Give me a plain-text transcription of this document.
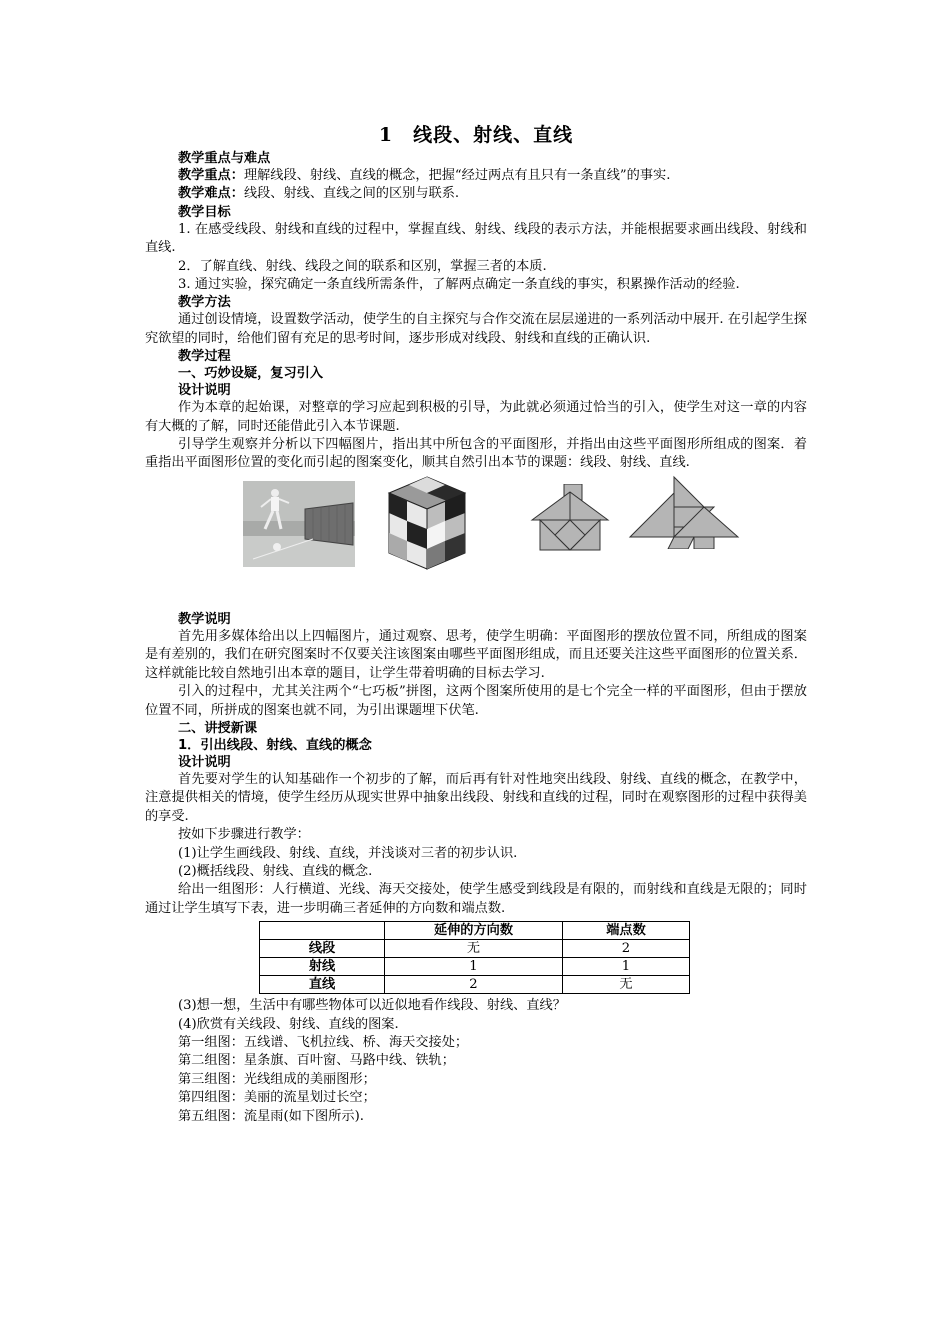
1　线段、射线、直线
教学重点与难点
教学重点：理解线段、射线、直线的概念，把握“经过两点有且只有一条直线”的事实.
教学难点：线段、射线、直线之间的区别与联系.
教学目标

1. 在感受线段、射线和直线的过程中，掌握直线、射线、线段的表示方法，并能根据要求画出线段、射线和直线.

2．了解直线、射线、线段之间的联系和区别，掌握三者的本质.

3. 通过实验，探究确定一条直线所需条件，了解两点确定一条直线的事实，积累操作活动的经验.

教学方法

通过创设情境，设置数学活动，使学生的自主探究与合作交流在层层递进的一系列活动中展开. 在引起学生探究欲望的同时，给他们留有充足的思考时间，逐步形成对线段、射线和直线的正确认识.

教学过程
一、巧妙设疑，复习引入
设计说明

作为本章的起始课，对整章的学习应起到积极的引导，为此就必须通过恰当的引入，使学生对这一章的内容有大概的了解，同时还能借此引入本节课题.

引导学生观察并分析以下四幅图片，指出其中所包含的平面图形，并指出由这些平面图形所组成的图案．着重指出平面图形位置的变化而引起的图案变化，顺其自然引出本节的课题：线段、射线、直线.

教学说明

首先用多媒体给出以上四幅图片，通过观察、思考，使学生明确：平面图形的摆放位置不同，所组成的图案是有差别的，我们在研究图案时不仅要关注该图案由哪些平面图形组成，而且还要关注这些平面图形的位置关系．这样就能比较自然地引出本章的题目，让学生带着明确的目标去学习.

引入的过程中，尤其关注两个“七巧板”拼图，这两个图案所使用的是七个完全一样的平面图形，但由于摆放位置不同，所拼成的图案也就不同，为引出课题埋下伏笔.

二、讲授新课
1．引出线段、射线、直线的概念
设计说明

首先要对学生的认知基础作一个初步的了解，而后再有针对性地突出线段、射线、直线的概念，在教学中，注意提供相关的情境，使学生经历从现实世界中抽象出线段、射线和直线的过程，同时在观察图形的过程中获得美的享受.

按如下步骤进行教学：

(1)让学生画线段、射线、直线，并浅谈对三者的初步认识.
(2)概括线段、射线、直线的概念.

给出一组图形：人行横道、光线、海天交接处，使学生感受到线段是有限的，而射线和直线是无限的；同时通过让学生填写下表，进一步明确三者延伸的方向数和端点数.

	延伸的方向数	端点数
线段	无	2
射线	1	1
直线	2	无
(3)想一想，生活中有哪些物体可以近似地看作线段、射线、直线？
(4)欣赏有关线段、射线、直线的图案.
第一组图：五线谱、飞机拉线、桥、海天交接处；
第二组图：星条旗、百叶窗、马路中线、铁轨；
第三组图：光线组成的美丽图形；
第四组图：美丽的流星划过长空；
第五组图：流星雨(如下图所示).
